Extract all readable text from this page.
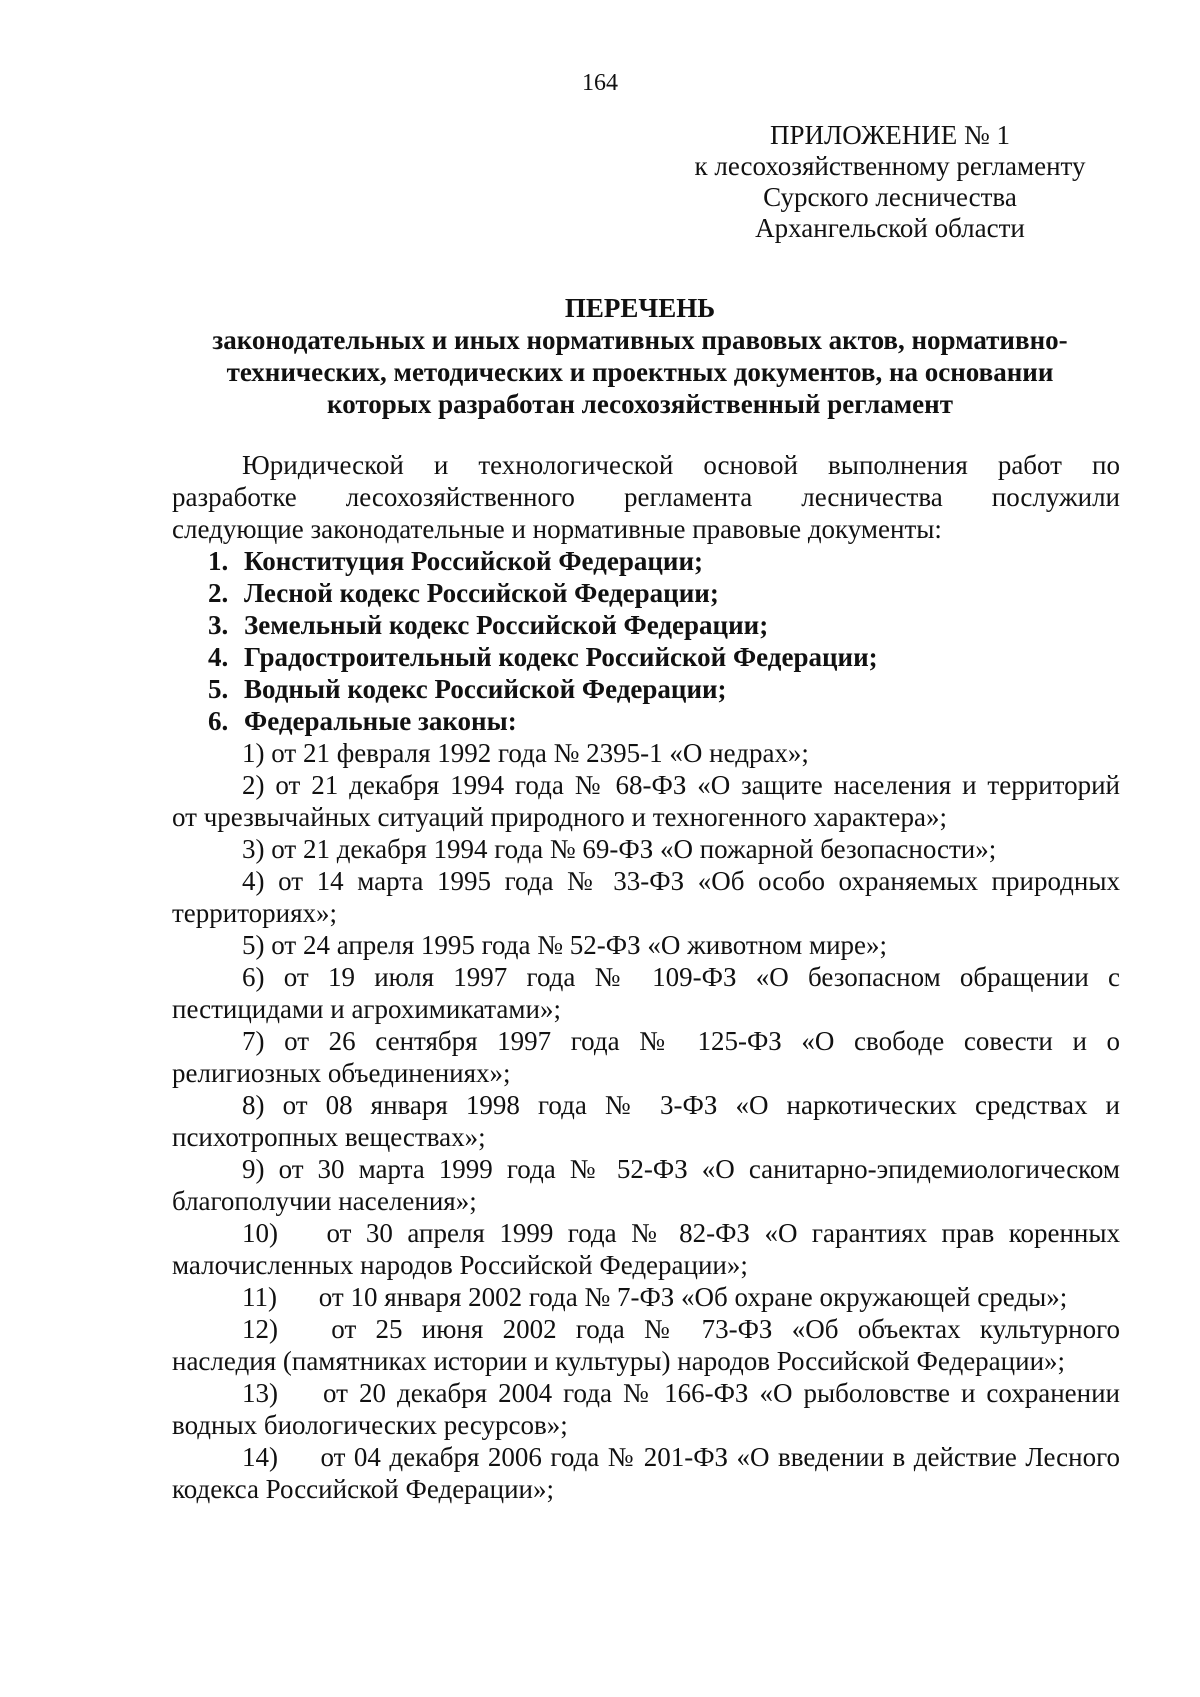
164
ПРИЛОЖЕНИЕ № 1
к лесохозяйственному регламенту
Сурского лесничества
Архангельской области
ПЕРЕЧЕНЬ
законодательных и иных нормативных правовых актов, нормативно-
технических, методических и проектных документов, на основании
которых разработан лесохозяйственный регламент
Юридической и технологической основой выполнения работ по
разработке лесохозяйственного регламента лесничества послужили
следующие законодательные и нормативные правовые документы:
1. Конституция Российской Федерации;
2. Лесной кодекс Российской Федерации;
3. Земельный кодекс Российской Федерации;
4. Градостроительный кодекс Российской Федерации;
5. Водный кодекс Российской Федерации;
6. Федеральные законы:
1) от 21 февраля 1992 года № 2395-1 «О недрах»;
2) от 21 декабря 1994 года № 68-ФЗ «О защите населения и территорий
от чрезвычайных ситуаций природного и техногенного характера»;
3) от 21 декабря 1994 года № 69-ФЗ «О пожарной безопасности»;
4) от 14 марта 1995 года № 33-ФЗ «Об особо охраняемых природных
территориях»;
5) от 24 апреля 1995 года № 52-ФЗ «О животном мире»;
6) от 19 июля 1997 года № 109-ФЗ «О безопасном обращении с
пестицидами и агрохимикатами»;
7) от 26 сентября 1997 года № 125-ФЗ «О свободе совести и о
религиозных объединениях»;
8) от 08 января 1998 года № 3-ФЗ «О наркотических средствах и
психотропных веществах»;
9) от 30 марта 1999 года № 52-ФЗ «О санитарно-эпидемиологическом
благополучии населения»;
10) от 30 апреля 1999 года № 82-ФЗ «О гарантиях прав коренных
малочисленных народов Российской Федерации»;
11) от 10 января 2002 года № 7-ФЗ «Об охране окружающей среды»;
12) от 25 июня 2002 года № 73-ФЗ «Об объектах культурного
наследия (памятниках истории и культуры) народов Российской Федерации»;
13) от 20 декабря 2004 года № 166-ФЗ «О рыболовстве и сохранении
водных биологических ресурсов»;
14) от 04 декабря 2006 года № 201-ФЗ «О введении в действие Лесного
кодекса Российской Федерации»;
